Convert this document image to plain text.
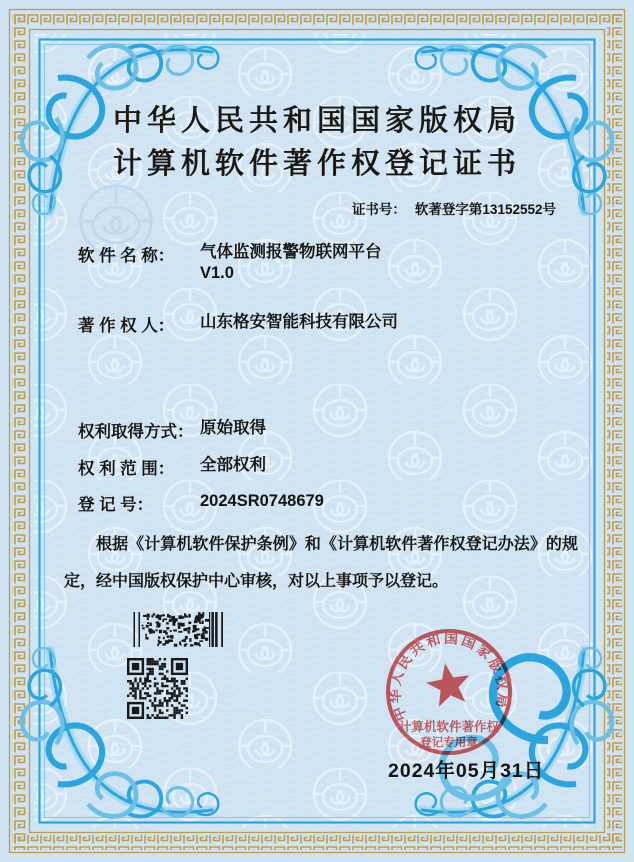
中华人民共和国国家版权局
计算机软件著作权登记证书
证书号： 软著登字第13152552号
软 件 名 称：	气体监测报警物联网平台
V1.0
著 作 权 人：	山东格安智能科技有限公司
权利取得方式： 原始取得
权 利 范 围：	全部权利
登 记 号：	2024SR0748679
根据《计算机软件保护条例》和《计算机软件著作权登记办法》的规定，经中国版权保护中心审核，对以上事项予以登记。
中华人民共和国国家版权局
计算机软件著作权
登记专用章
2024年05月31日
